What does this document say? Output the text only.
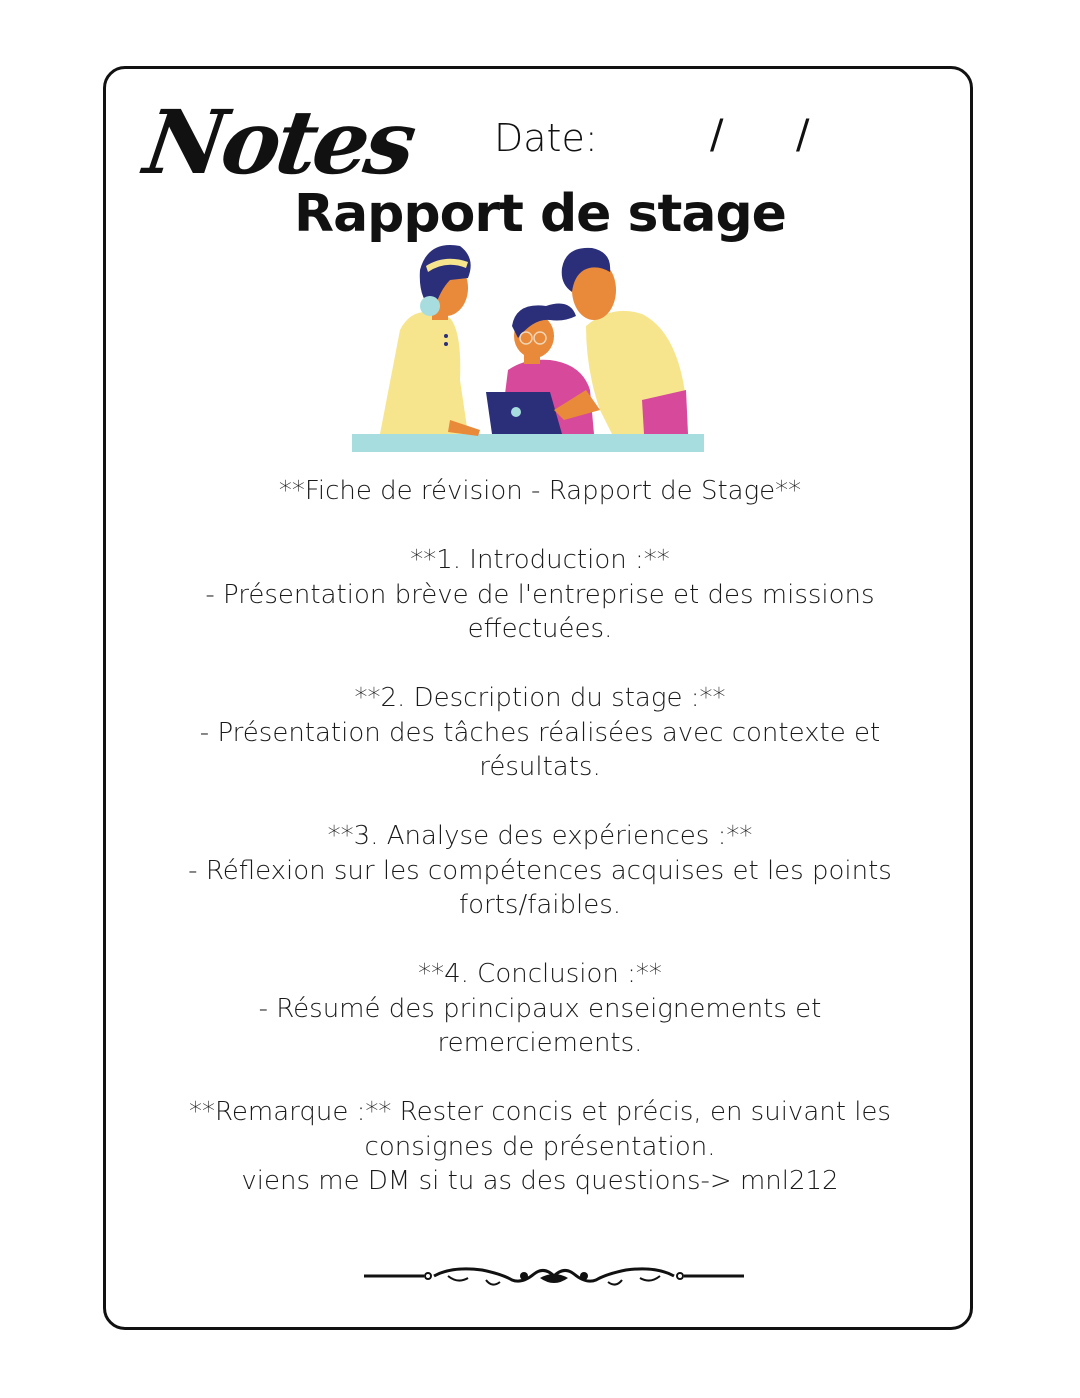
Notes Date:	/ /
Rapport de stage

**Fiche de révision - Rapport de Stage**

**1. Introduction :**

- Présentation brève de l'entreprise et des missions

effectuées.

**2. Description du stage :**

- Présentation des tâches réalisées avec contexte et

résultats.

**3. Analyse des expériences :**

- Réflexion sur les compétences acquises et les points

forts/faibles.

**4. Conclusion :**

- Résumé des principaux enseignements et

remerciements.

**Remarque :** Rester concis et précis, en suivant les

consignes de présentation.

viens me DM si tu as des questions-> mnl212
